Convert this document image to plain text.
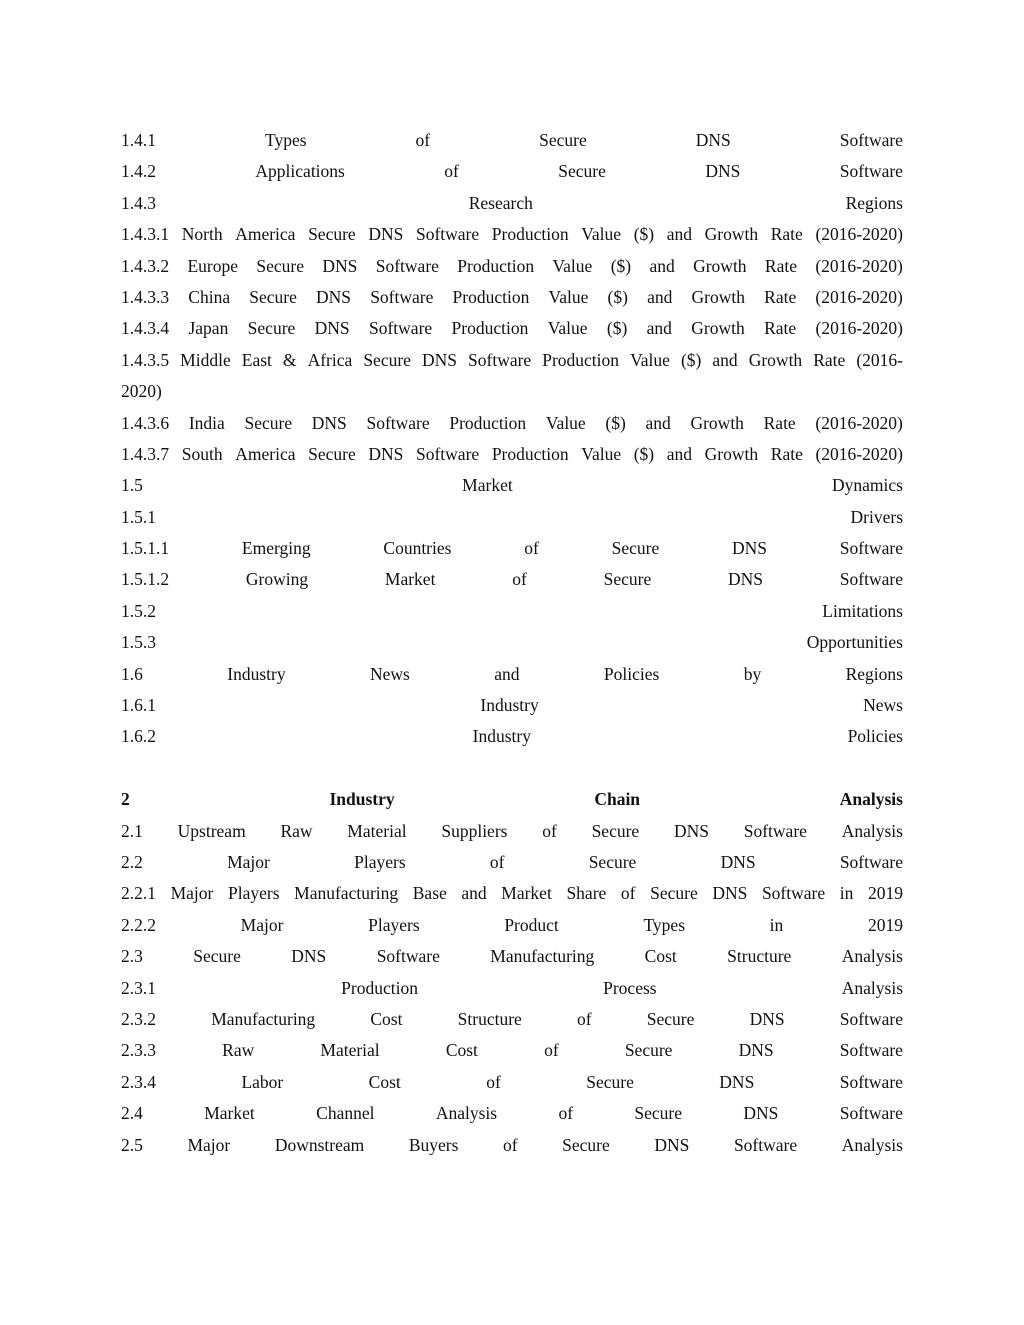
1.4.1	Types	of	Secure	DNS	Software
1.4.2	Applications	of	Secure	DNS	Software
1.4.3	Research	Regions
1.4.3.1 North America Secure DNS Software Production Value ($) and Growth Rate (2016-2020)
1.4.3.2 Europe Secure DNS Software Production Value ($) and Growth Rate (2016-2020)
1.4.3.3 China Secure DNS Software Production Value ($) and Growth Rate (2016-2020)
1.4.3.4 Japan Secure DNS Software Production Value ($) and Growth Rate (2016-2020)
1.4.3.5 Middle East & Africa Secure DNS Software Production Value ($) and Growth Rate (2016-
2020)
1.4.3.6 India Secure DNS Software Production Value ($) and Growth Rate (2016-2020)
1.4.3.7 South America Secure DNS Software Production Value ($) and Growth Rate (2016-2020)
1.5	Market	Dynamics
1.5.1	Drivers
1.5.1.1	Emerging	Countries	of	Secure	DNS	Software
1.5.1.2	Growing	Market	of	Secure	DNS	Software
1.5.2	Limitations
1.5.3	Opportunities
1.6	Industry	News	and	Policies	by	Regions
1.6.1	Industry	News
1.6.2	Industry	Policies
2	Industry	Chain	Analysis
2.1 Upstream Raw Material Suppliers of Secure DNS Software Analysis
2.2	Major	Players	of	Secure	DNS	Software
2.2.1 Major Players Manufacturing Base and Market Share of Secure DNS Software in 2019
2.2.2	Major	Players	Product	Types	in	2019
2.3	Secure	DNS	Software	Manufacturing	Cost	Structure	Analysis
2.3.1	Production	Process	Analysis
2.3.2	Manufacturing	Cost	Structure	of	Secure	DNS	Software
2.3.3	Raw	Material	Cost	of	Secure	DNS	Software
2.3.4	Labor	Cost	of	Secure	DNS	Software
2.4	Market	Channel	Analysis	of	Secure	DNS	Software
2.5	Major	Downstream	Buyers	of	Secure	DNS	Software	Analysis
